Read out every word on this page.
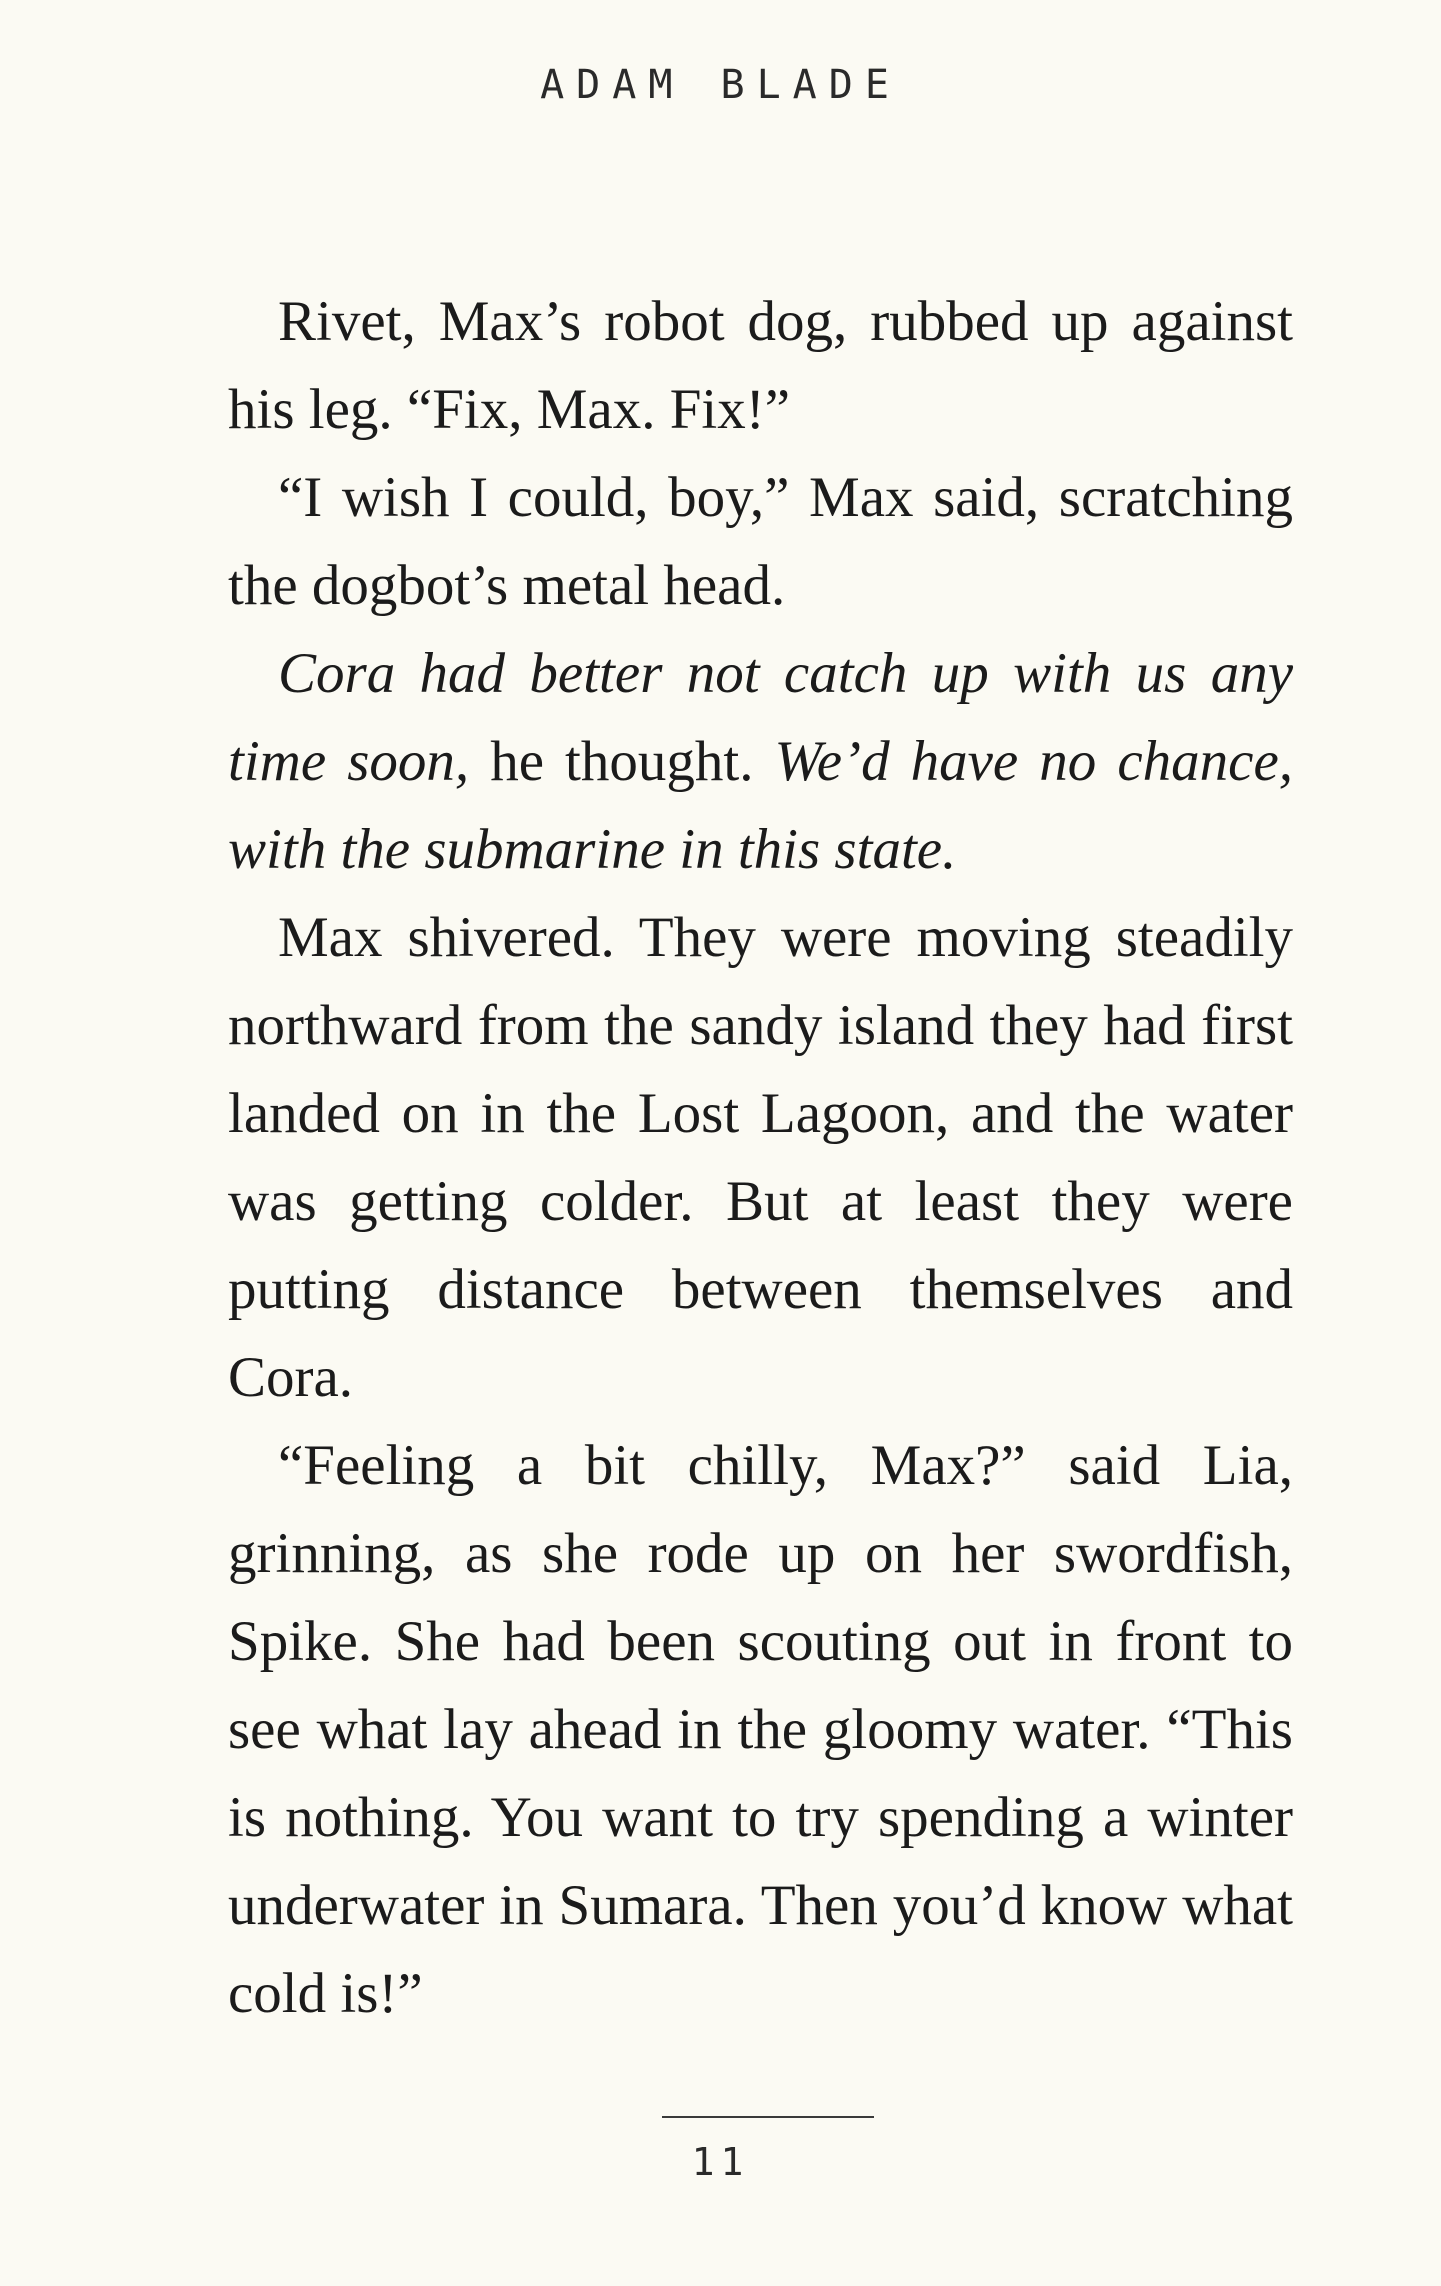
ADAM BLADE

Rivet, Max’s robot dog, rubbed up against his leg. “Fix, Max. Fix!”

“I wish I could, boy,” Max said, scratching the dogbot’s metal head.

Cora had better not catch up with us any time soon, he thought. We’d have no chance, with the submarine in this state.

Max shivered. They were moving steadily northward from the sandy island they had first landed on in the Lost Lagoon, and the water was getting colder. But at least they were putting distance between themselves and Cora.

“Feeling a bit chilly, Max?” said Lia, grinning, as she rode up on her swordfish, Spike. She had been scouting out in front to see what lay ahead in the gloomy water. “This is nothing. You want to try spending a winter underwater in Sumara. Then you’d know what cold is!”

11
